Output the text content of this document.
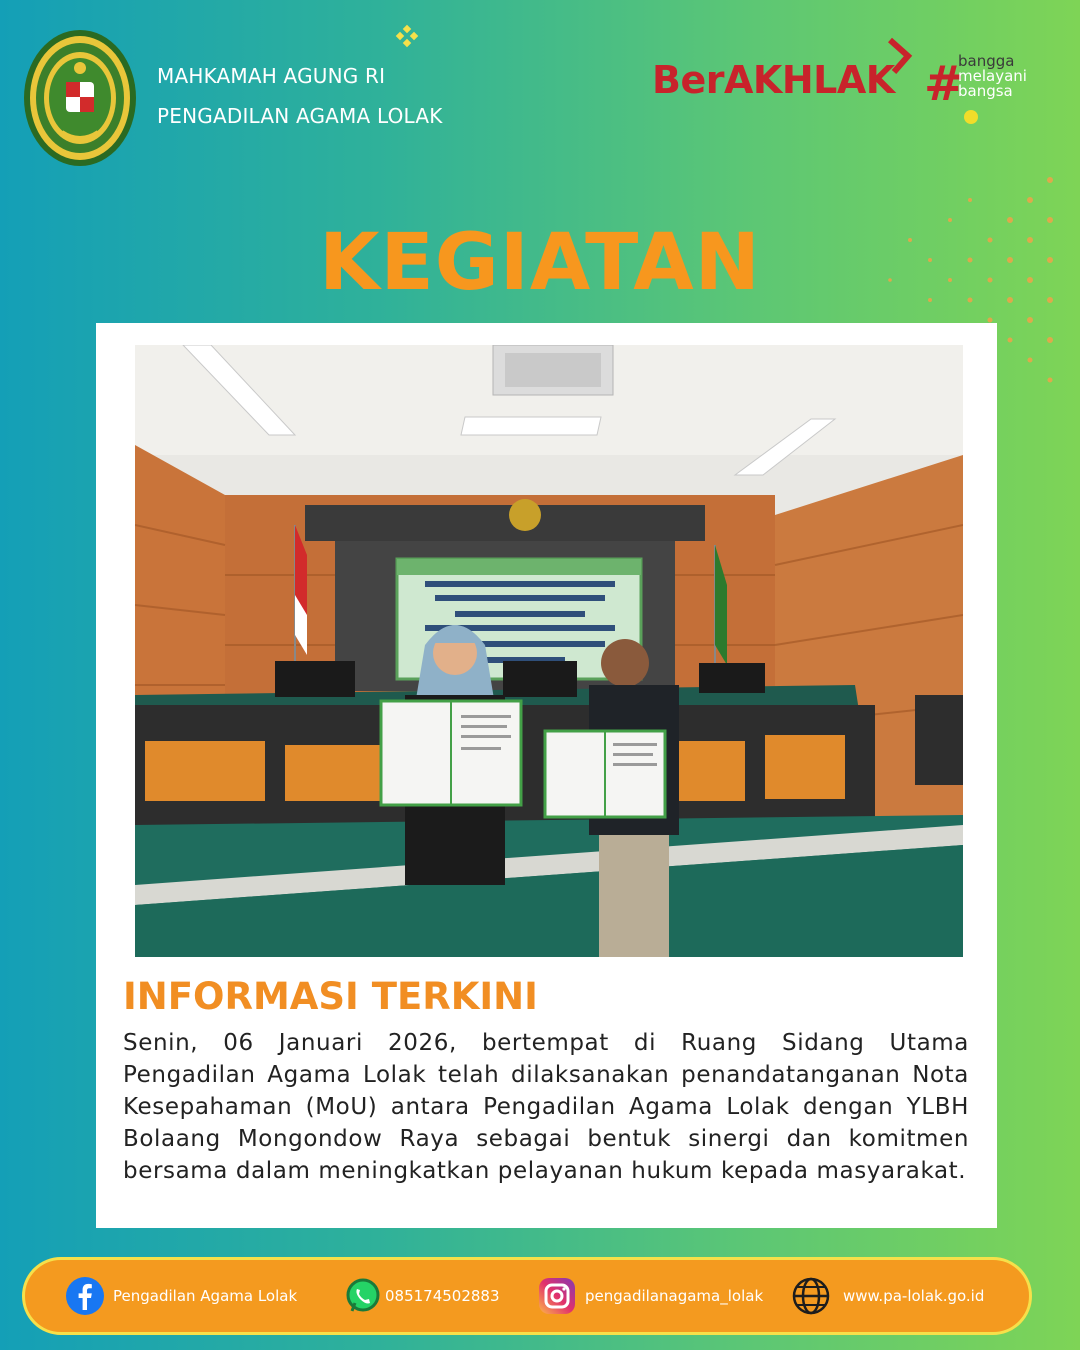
MAHKAMAH AGUNG RI
PENGADILAN AGAMA LOLAK
BerAKHLAK #
bangga
melayani
bangsa
KEGIATAN
INFORMASI TERKINI
Senin, 06 Januari 2026, bertempat di Ruang Sidang Utama Pengadilan Agama Lolak telah dilaksanakan penandatanganan Nota Kesepahaman (MoU) antara Pengadilan Agama Lolak dengan YLBH Bolaang Mongondow Raya sebagai bentuk sinergi dan komitmen bersama dalam meningkatkan pelayanan hukum kepada masyarakat.
Pengadilan Agama Lolak	085174502883	pengadilanagama_lolak	www.pa-lolak.go.id
